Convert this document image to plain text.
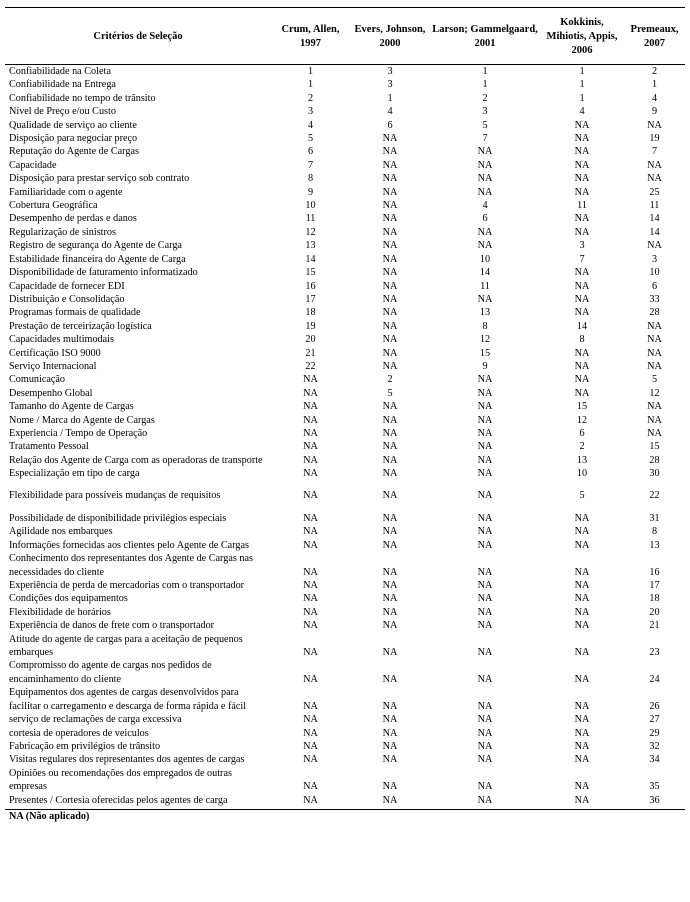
Critérios de Seleção	Crum, Allen, 1997	Evers, Johnson, 2000	Larson; Gammelgaard, 2001	Kokkinis, Mihiotis, Appis, 2006	Premeaux, 2007
Confiabilidade na Coleta	1	3	1	1	2
Confiabilidade na Entrega	1	3	1	1	1
Confiabilidade no tempo de trânsito	2	1	2	1	4
Nível de Preço e/ou Custo	3	4	3	4	9
Qualidade de serviço ao cliente	4	6	5	NA	NA
Disposição para negociar preço	5	NA	7	NA	19
Reputação do Agente de Cargas	6	NA	NA	NA	7
Capacidade	7	NA	NA	NA	NA
Disposição para prestar serviço sob contrato	8	NA	NA	NA	NA
Familiaridade com o agente	9	NA	NA	NA	25
Cobertura Geográfica	10	NA	4	11	11
Desempenho de perdas e danos	11	NA	6	NA	14
Regularização de sinistros	12	NA	NA	NA	14
Registro de segurança do Agente de Carga	13	NA	NA	3	NA
Estabilidade financeira do Agente de Carga	14	NA	10	7	3
Disponibilidade de faturamento informatizado	15	NA	14	NA	10
Capacidade de fornecer EDI	16	NA	11	NA	6
Distribuição e Consolidação	17	NA	NA	NA	33
Programas formais de qualidade	18	NA	13	NA	28
Prestação de terceirização logística	19	NA	8	14	NA
Capacidades multimodais	20	NA	12	8	NA
Certificação ISO 9000	21	NA	15	NA	NA
Serviço Internacional	22	NA	9	NA	NA
Comunicação	NA	2	NA	NA	5
Desempenho Global	NA	5	NA	NA	12
Tamanho do Agente de Cargas	NA	NA	NA	15	NA
Nome / Marca do Agente de Cargas	NA	NA	NA	12	NA
Experiencia / Tempo de Operação	NA	NA	NA	6	NA
Tratamento Pessoal	NA	NA	NA	2	15
Relação dos Agente de Carga com as operadoras de transporte	NA	NA	NA	13	28
Especialização em tipo de carga	NA	NA	NA	10	30
Flexibilidade para possíveis mudanças de requisitos	NA	NA	NA	5	22
Possibilidade de disponibilidade privilégios especiais	NA	NA	NA	NA	31
Agilidade nos embarques	NA	NA	NA	NA	8
Informações fornecidas aos clientes pelo Agente de Cargas	NA	NA	NA	NA	13
Conhecimento dos representantes dos Agente de Cargas nas necessidades do cliente	NA	NA	NA	NA	16
Experiência de perda de mercadorias com o transportador	NA	NA	NA	NA	17
Condições dos equipamentos	NA	NA	NA	NA	18
Flexibilidade de horários	NA	NA	NA	NA	20
Experiência de danos de frete com o transportador	NA	NA	NA	NA	21
Atitude do agente de cargas para a aceitação de pequenos embarques	NA	NA	NA	NA	23
Compromisso do agente de cargas nos pedidos de encaminhamento do cliente	NA	NA	NA	NA	24
Equipamentos dos agentes de cargas desenvolvidos para facilitar o carregamento e descarga de forma rápida e fácil	NA	NA	NA	NA	26
serviço de reclamações de carga excessiva	NA	NA	NA	NA	27
cortesia de operadores de veiculos	NA	NA	NA	NA	29
Fabricação em privilégios de trânsito	NA	NA	NA	NA	32
Visitas regulares dos representantes dos agentes de cargas	NA	NA	NA	NA	34
Opiniões ou recomendações dos empregados de outras empresas	NA	NA	NA	NA	35
Presentes / Cortesia oferecidas pelos agentes de carga	NA	NA	NA	NA	36
NA (Não aplicado)
